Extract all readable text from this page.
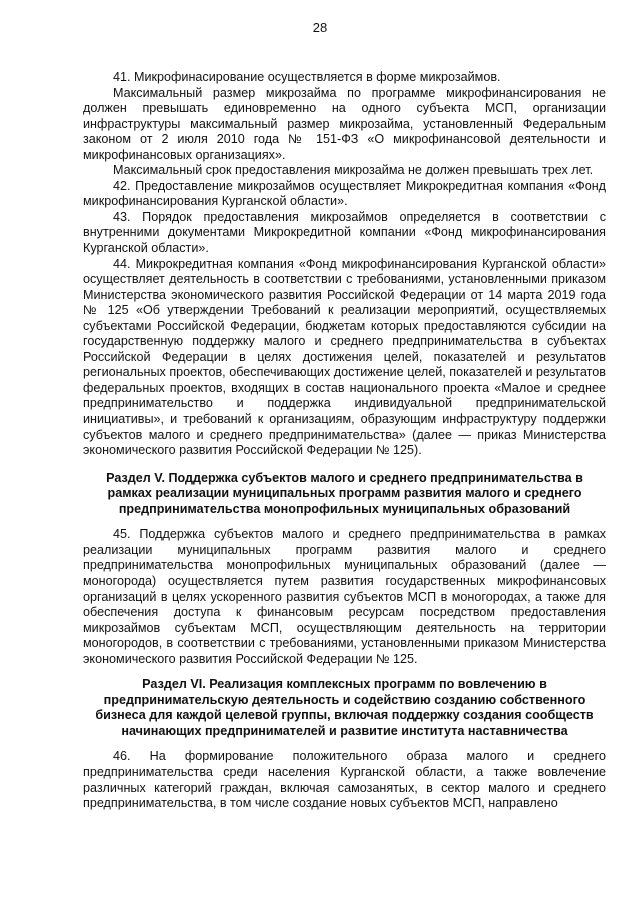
28

41. Микрофинасирование осуществляется в форме микрозаймов.

Максимальный размер микрозайма по программе микрофинансирования не должен превышать единовременно на одного субъекта МСП, организации инфраструктуры максимальный размер микрозайма, установленный Федеральным законом от 2 июля 2010 года № 151-ФЗ «О микрофинансовой деятельности и микрофинансовых организациях».

Максимальный срок предоставления микрозайма не должен превышать трех лет.

42. Предоставление микрозаймов осуществляет Микрокредитная компания «Фонд микрофинансирования Курганской области».

43. Порядок предоставления микрозаймов определяется в соответствии с внутренними документами Микрокредитной компании «Фонд микрофинансирования Курганской области».

44. Микрокредитная компания «Фонд микрофинансирования Курганской области» осуществляет деятельность в соответствии с требованиями, установленными приказом Министерства экономического развития Российской Федерации от 14 марта 2019 года № 125 «Об утверждении Требований к реализации мероприятий, осуществляемых субъектами Российской Федерации, бюджетам которых предоставляются субсидии на государственную поддержку малого и среднего предпринимательства в субъектах Российской Федерации в целях достижения целей, показателей и результатов региональных проектов, обеспечивающих достижение целей, показателей и результатов федеральных проектов, входящих в состав национального проекта «Малое и среднее предпринимательство и поддержка индивидуальной предпринимательской инициативы», и требований к организациям, образующим инфраструктуру поддержки субъектов малого и среднего предпринимательства» (далее — приказ Министерства экономического развития Российской Федерации № 125).

Раздел V. Поддержка субъектов малого и среднего предпринимательства в рамках реализации муниципальных программ развития малого и среднего предпринимательства монопрофильных муниципальных образований

45. Поддержка субъектов малого и среднего предпринимательства в рамках реализации муниципальных программ развития малого и среднего предпринимательства монопрофильных муниципальных образований (далее — моногорода) осуществляется путем развития государственных микрофинансовых организаций в целях ускоренного развития субъектов МСП в моногородах, а также для обеспечения доступа к финансовым ресурсам посредством предоставления микрозаймов субъектам МСП, осуществляющим деятельность на территории моногородов, в соответствии с требованиями, установленными приказом Министерства экономического развития Российской Федерации № 125.

Раздел VI. Реализация комплексных программ по вовлечению в предпринимательскую деятельность и содействию созданию собственного бизнеса для каждой целевой группы, включая поддержку создания сообществ начинающих предпринимателей и развитие института наставничества

46. На формирование положительного образа малого и среднего предпринимательства среди населения Курганской области, а также вовлечение различных категорий граждан, включая самозанятых, в сектор малого и среднего предпринимательства, в том числе создание новых субъектов МСП, направлено
